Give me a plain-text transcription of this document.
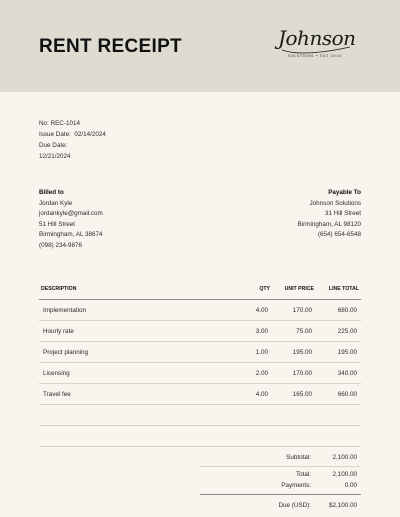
RENT RECEIPT	Johnson
SOLUTIONS • EST 2010
No: REC-1014
Issue Date: 02/14/2024
Due Date:
12/21/2024
Billed to
Jordan Kyle
jordankyle@gmail.com
51 Hill Street
Birmingham, AL 38674
(098) 234-9876
Payable To
Johnson Solutions
31 Hill Street
Birmingham, AL 98120
(654) 654-6548
DESCRIPTION	QTY	UNIT PRICE	LINE TOTAL
Implementation	4.00	170.00	680.00
Hourly rate	3.00	75.00	225.00
Project planning	1.00	195.00	195.00
Licensing	2.00	170.00	340.00
Travel fee	4.00	165.00	660.00
Subtotal:	2,100.00
Total:	2,100.00
Payments:	0.00
Due (USD):	$2,100.00
